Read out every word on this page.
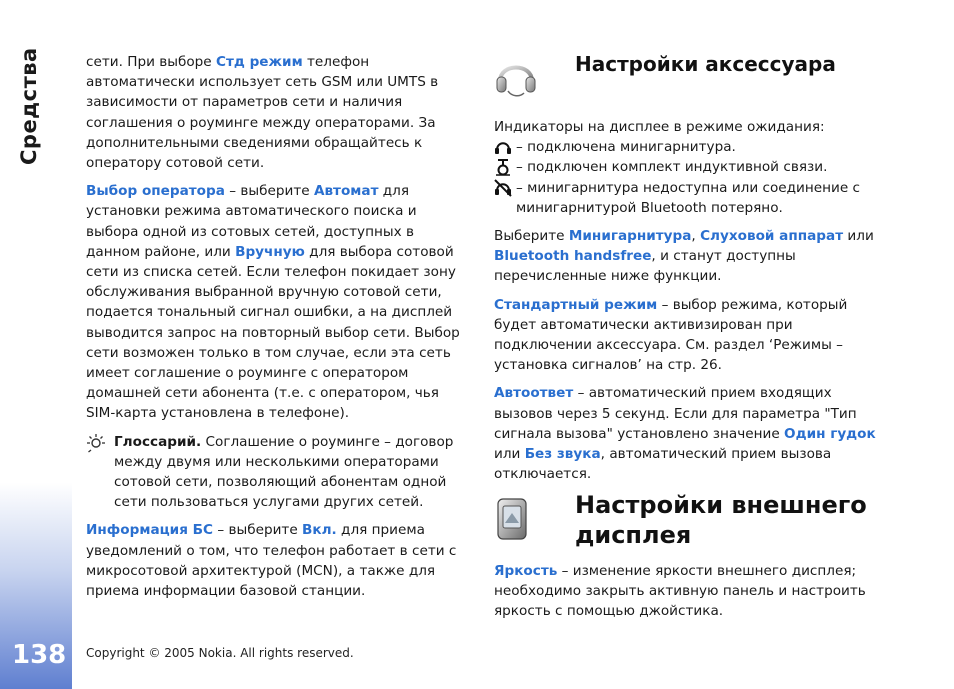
Средства
138

сети. При выборе Стд режим телефон автоматически использует сеть GSM или UMTS в зависимости от параметров сети и наличия соглашения о роуминге между операторами. За дополнительными сведениями обращайтесь к оператору сотовой сети.

Выбор оператора – выберите Автомат для установки режима автоматического поиска и выбора одной из сотовых сетей, доступных в данном районе, или Вручную для выбора сотовой сети из списка сетей. Если телефон покидает зону обслуживания выбранной вручную сотовой сети, подается тональный сигнал ошибки, а на дисплей выводится запрос на повторный выбор сети. Выбор сети возможен только в том случае, если эта сеть имеет соглашение о роуминге с оператором домашней сети абонента (т.е. с оператором, чья SIM-карта установлена в телефоне).

Глоссарий. Соглашение о роуминге – договор между двумя или несколькими операторами сотовой сети, позволяющий абонентам одной сети пользоваться услугами других сетей.

Информация БС – выберите Вкл. для приема уведомлений о том, что телефон работает в сети с микросотовой архитектурой (MCN), а также для приема информации базовой станции.

Настройки аксессуара
Индикаторы на дисплее в режиме ожидания:
– подключена минигарнитура.
– подключен комплект индуктивной связи.
– минигарнитура недоступна или соединение с минигарнитурой Bluetooth потеряно.

Выберите Минигарнитура, Слуховой аппарат или Bluetooth handsfree, и станут доступны перечисленные ниже функции.

Стандартный режим – выбор режима, который будет автоматически активизирован при подключении аксессуара. См. раздел ‘Режимы – установка сигналов’ на стр. 26.

Автоответ – автоматический прием входящих вызовов через 5 секунд. Если для параметра "Тип сигнала вызова" установлено значение Один гудок или Без звука, автоматический прием вызова отключается.

Настройки внешнего дисплея

Яркость – изменение яркости внешнего дисплея; необходимо закрыть активную панель и настроить яркость с помощью джойстика.

Copyright © 2005 Nokia. All rights reserved.
